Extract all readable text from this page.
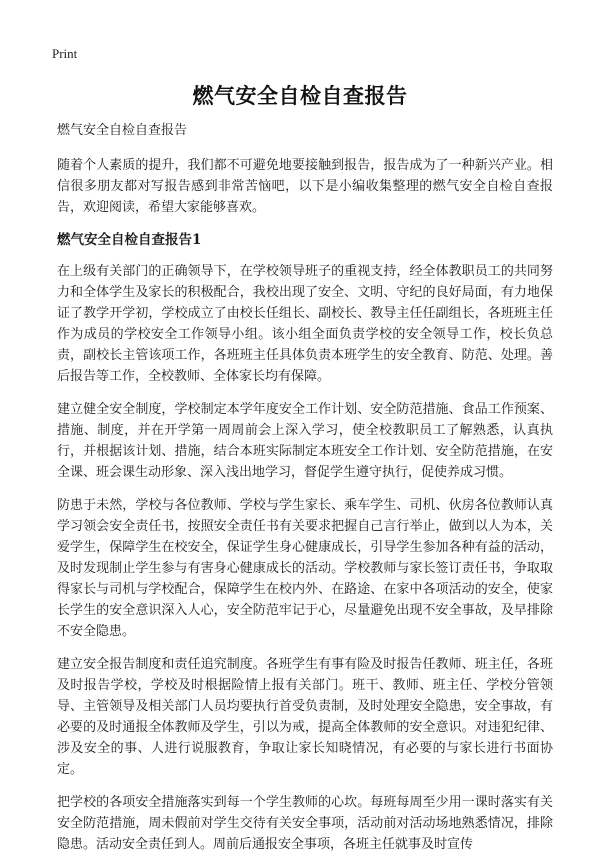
Print
燃气安全自检自查报告

燃气安全自检自查报告

随着个人素质的提升，我们都不可避免地要接触到报告，报告成为了一种新兴产业。相信很多朋友都对写报告感到非常苦恼吧，以下是小编收集整理的燃气安全自检自查报告，欢迎阅读，希望大家能够喜欢。

燃气安全自检自查报告1

在上级有关部门的正确领导下，在学校领导班子的重视支持，经全体教职员工的共同努力和全体学生及家长的积极配合，我校出现了安全、文明、守纪的良好局面，有力地保证了教学开学初，学校成立了由校长任组长、副校长、教导主任任副组长，各班班主任作为成员的学校安全工作领导小组。该小组全面负责学校的安全领导工作，校长负总责，副校长主管该项工作，各班班主任具体负责本班学生的安全教育、防范、处理。善后报告等工作，全校教师、全体家长均有保障。

建立健全安全制度，学校制定本学年度安全工作计划、安全防范措施、食品工作预案、措施、制度，并在开学第一周周前会上深入学习，使全校教职员工了解熟悉，认真执行，并根据该计划、措施，结合本班实际制定本班安全工作计划、安全防范措施，在安全课、班会课生动形象、深入浅出地学习，督促学生遵守执行，促使养成习惯。

防患于未然，学校与各位教师、学校与学生家长、乘车学生、司机、伙房各位教师认真学习领会安全责任书，按照安全责任书有关要求把握自己言行举止，做到以人为本，关爱学生，保障学生在校安全，保证学生身心健康成长，引导学生参加各种有益的活动，及时发现制止学生参与有害身心健康成长的活动。学校教师与家长签订责任书，争取取得家长与司机与学校配合，保障学生在校内外、在路途、在家中各项活动的安全，使家长学生的安全意识深入人心，安全防范牢记于心，尽量避免出现不安全事故，及早排除不安全隐患。

建立安全报告制度和责任追究制度。各班学生有事有险及时报告任教师、班主任，各班及时报告学校，学校及时根据险情上报有关部门。班干、教师、班主任、学校分管领导、主管领导及相关部门人员均要执行首受负责制，及时处理安全隐患，安全事故，有必要的及时通报全体教师及学生，引以为戒，提高全体教师的安全意识。对违犯纪律、涉及安全的事、人进行说服教育，争取让家长知晓情况，有必要的与家长进行书面协定。

把学校的各项安全措施落实到每一个学生教师的心坎。每班每周至少用一课时落实有关安全防范措施，周未假前对学生交待有关安全事项，活动前对活动场地熟悉情况，排除隐患。活动安全责任到人。周前后通报安全事项，各班主任就事及时宣传
